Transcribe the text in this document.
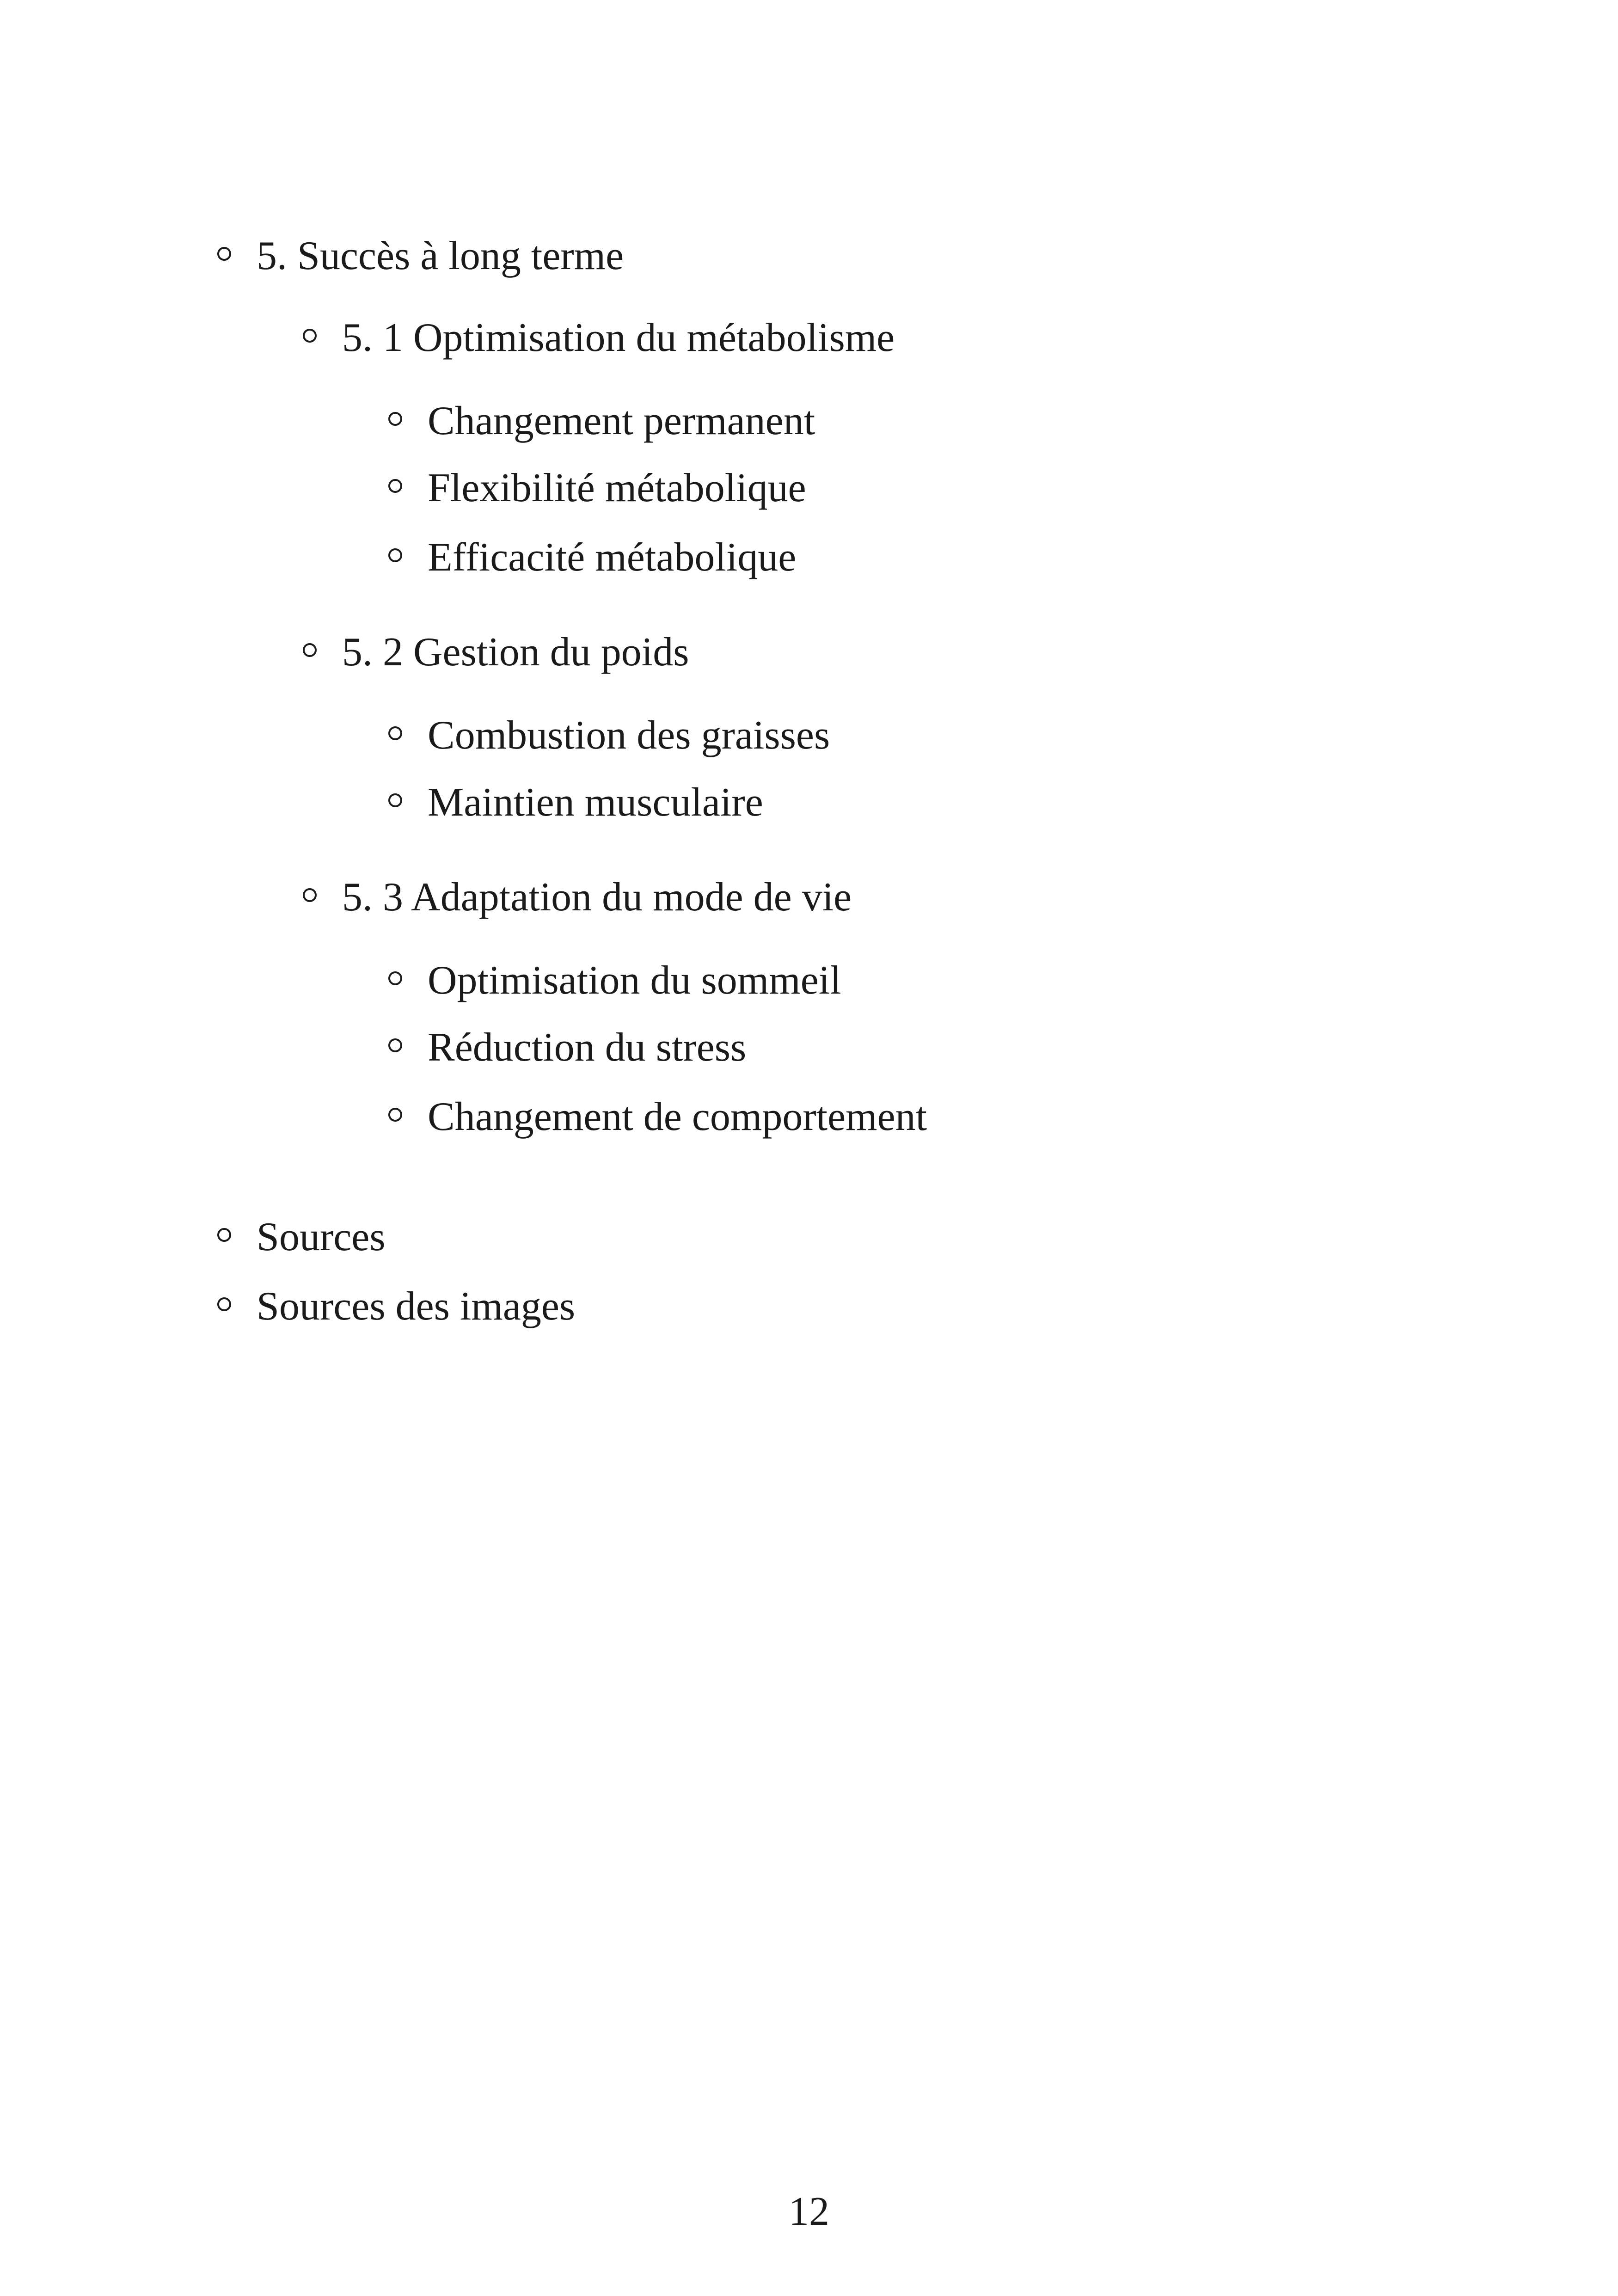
5. Succès à long terme
5. 1 Optimisation du métabolisme
Changement permanent
Flexibilité métabolique
Efficacité métabolique
5. 2 Gestion du poids
Combustion des graisses
Maintien musculaire
5. 3 Adaptation du mode de vie
Optimisation du sommeil
Réduction du stress
Changement de comportement
Sources
Sources des images
12
